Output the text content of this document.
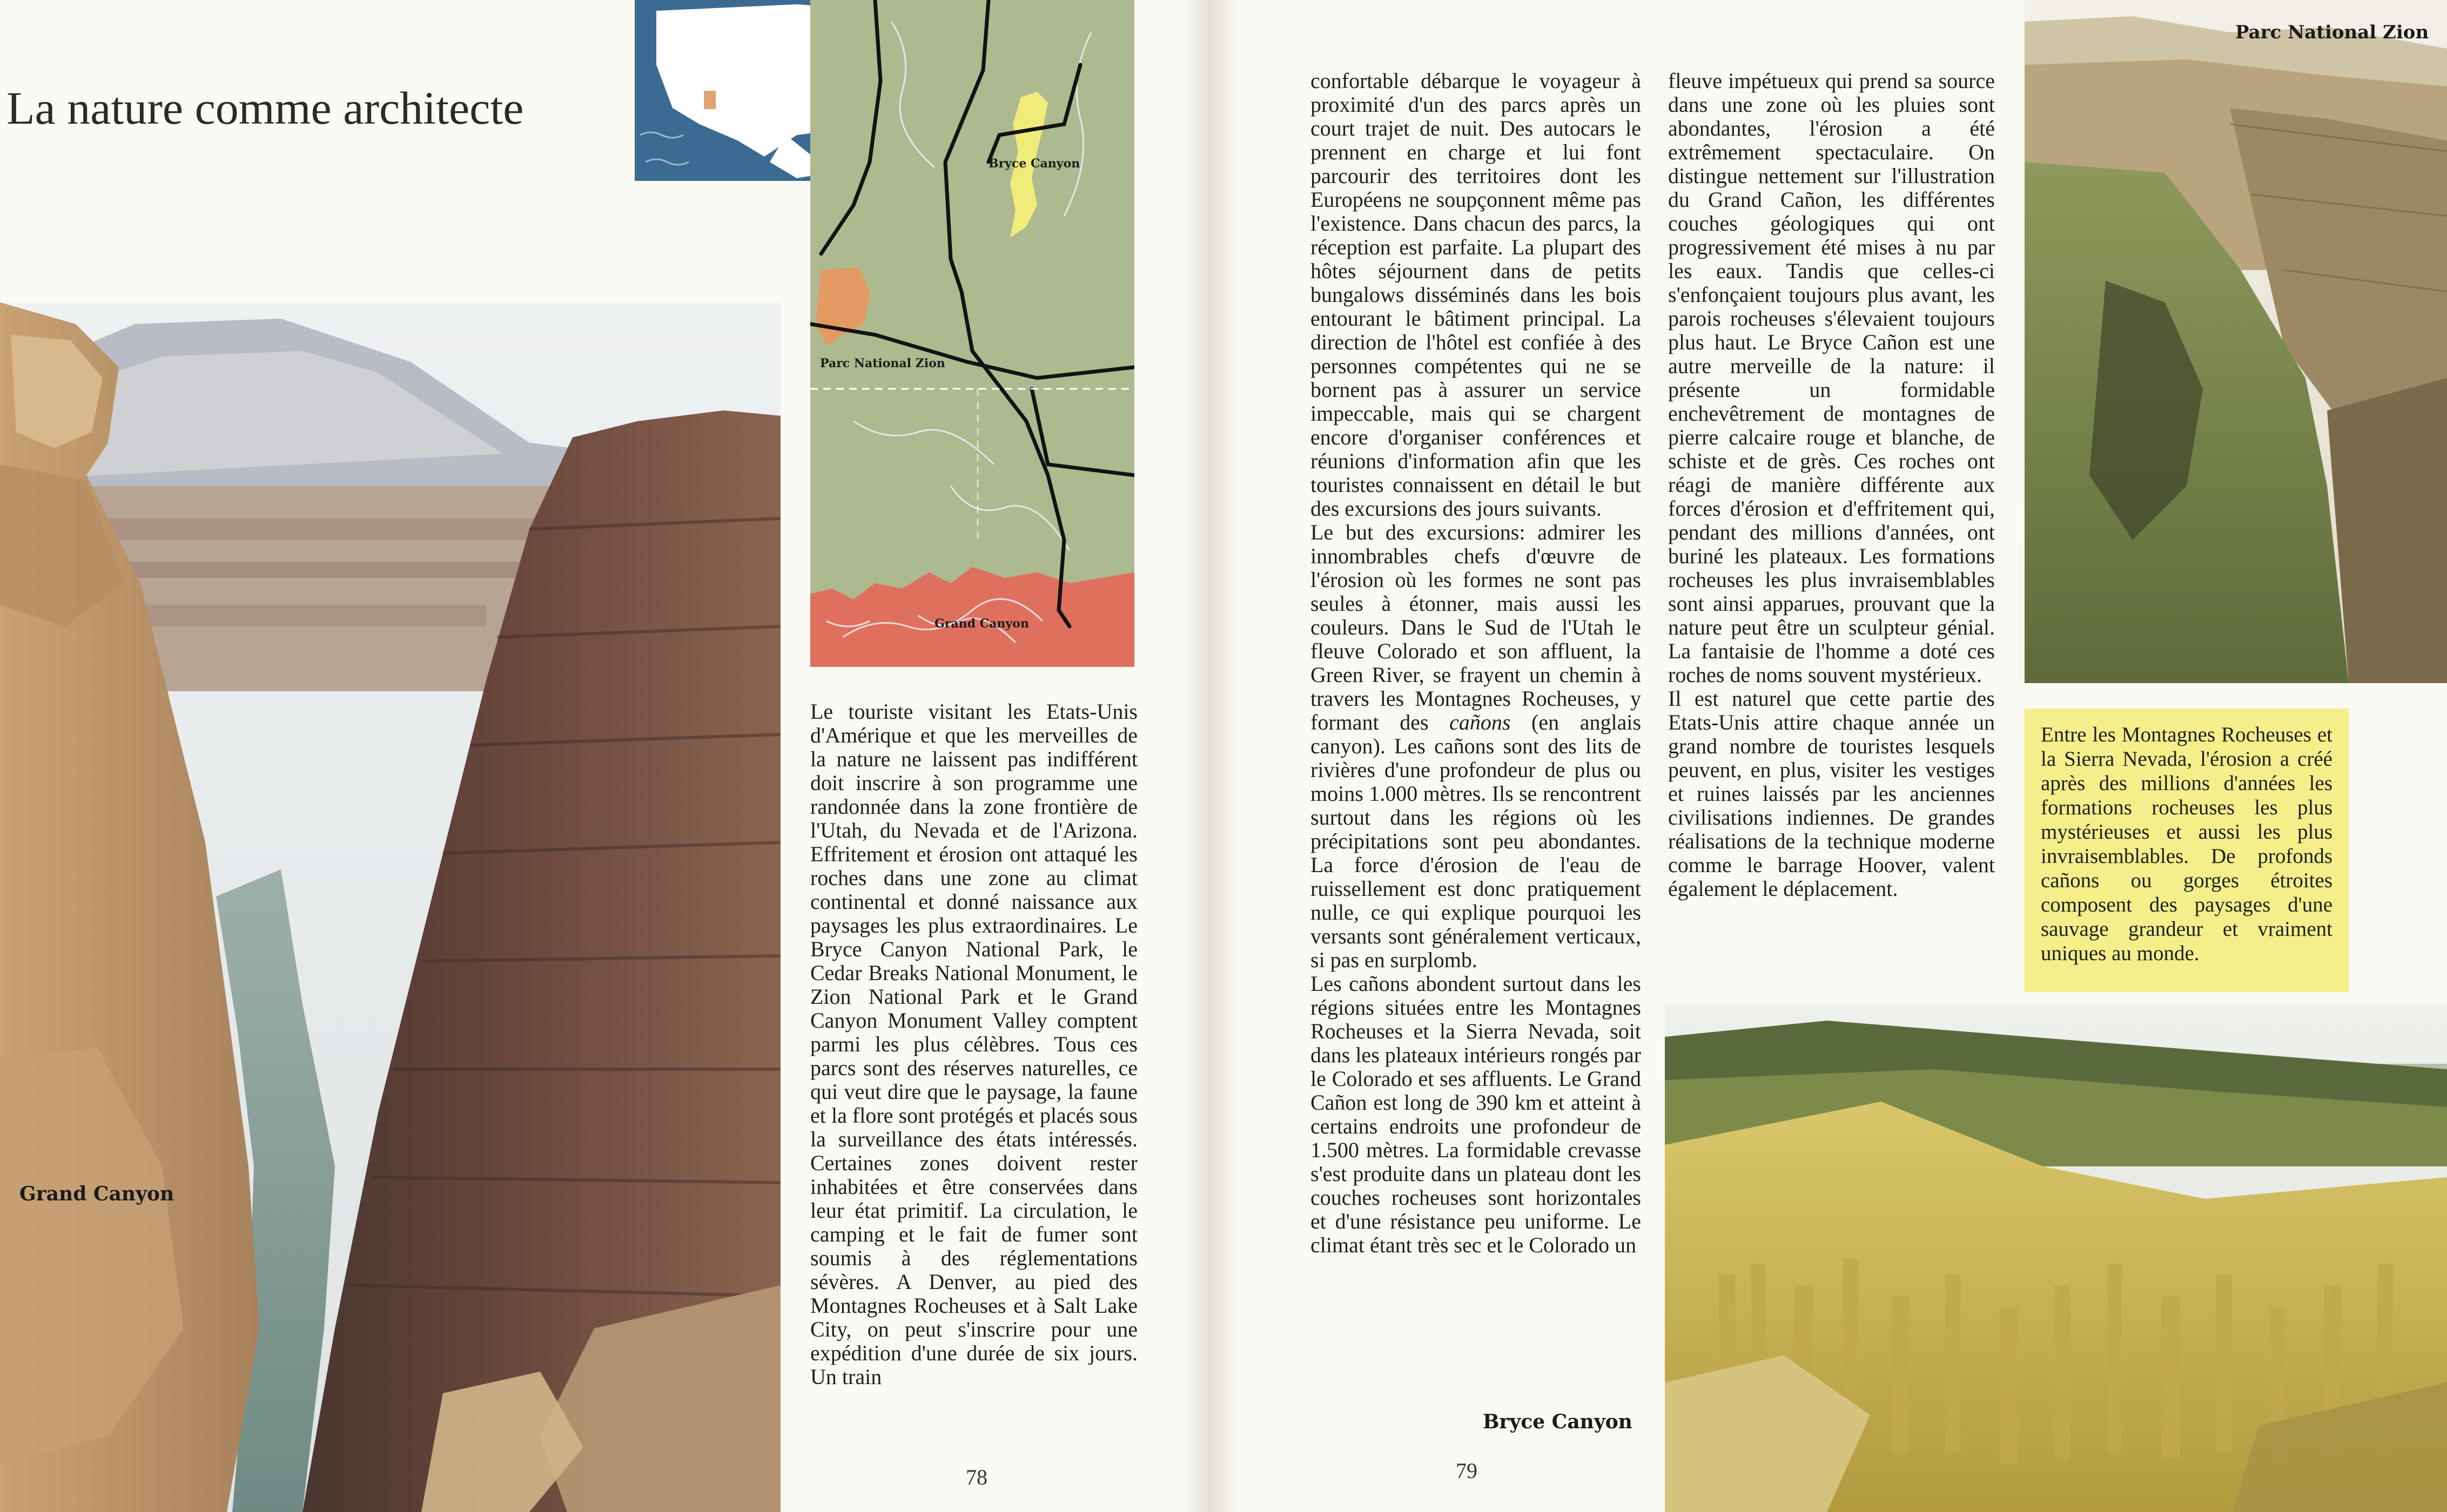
La nature comme architecte
Grand Canyon
Bryce Canyon
Parc National Zion
Grand Canyon
Le touriste visitant les Etats-Unis d'Amérique et que les merveilles de la nature ne laissent pas indifférent doit inscrire à son programme une randonnée dans la zone frontière de l'Utah, du Nevada et de l'Arizona. Effritement et érosion ont attaqué les roches dans une zone au climat continental et donné naissance aux paysages les plus extraordinaires. Le Bryce Canyon National Park, le Cedar Breaks National Monument, le Zion National Park et le Grand Canyon Monument Valley comptent parmi les plus célèbres. Tous ces parcs sont des réserves naturelles, ce qui veut dire que le paysage, la faune et la flore sont protégés et placés sous la surveillance des états intéressés. Certaines zones doivent rester inhabitées et être conservées dans leur état primitif. La circulation, le camping et le fait de fumer sont soumis à des réglementations sévères. A Denver, au pied des Montagnes Rocheuses et à Salt Lake City, on peut s'inscrire pour une expédition d'une durée de six jours. Un train
78

confortable débarque le voyageur à proximité d'un des parcs après un court trajet de nuit. Des autocars le prennent en charge et lui font parcourir des territoires dont les Européens ne soupçonnent même pas l'existence. Dans chacun des parcs, la réception est parfaite. La plupart des hôtes séjournent dans de petits bungalows disséminés dans les bois entourant le bâtiment principal. La direction de l'hôtel est confiée à des personnes compétentes qui ne se bornent pas à assurer un service impeccable, mais qui se chargent encore d'organiser conférences et réunions d'information afin que les touristes connaissent en détail le but des excursions des jours suivants.

Le but des excursions: admirer les innombrables chefs d'œuvre de l'érosion où les formes ne sont pas seules à étonner, mais aussi les couleurs. Dans le Sud de l'Utah le fleuve Colorado et son affluent, la Green River, se frayent un chemin à travers les Montagnes Rocheuses, y formant des cañons (en anglais canyon). Les cañons sont des lits de rivières d'une profondeur de plus ou moins 1.000 mètres. Ils se rencontrent surtout dans les régions où les précipitations sont peu abondantes. La force d'érosion de l'eau de ruissellement est donc pratiquement nulle, ce qui explique pourquoi les versants sont généralement verticaux, si pas en surplomb.

Les cañons abondent surtout dans les régions situées entre les Montagnes Rocheuses et la Sierra Nevada, soit dans les plateaux intérieurs rongés par le Colorado et ses affluents. Le Grand Cañon est long de 390 km et atteint à certains endroits une profondeur de 1.500 mètres. La formidable crevasse s'est produite dans un plateau dont les couches rocheuses sont horizontales et d'une résistance peu uniforme. Le climat étant très sec et le Colorado un

fleuve impétueux qui prend sa source dans une zone où les pluies sont abondantes, l'érosion a été extrêmement spectaculaire. On distingue nettement sur l'illustration du Grand Cañon, les différentes couches géologiques qui ont progressivement été mises à nu par les eaux. Tandis que celles-ci s'enfonçaient toujours plus avant, les parois rocheuses s'élevaient toujours plus haut. Le Bryce Cañon est une autre merveille de la nature: il présente un formidable enchevêtrement de montagnes de pierre calcaire rouge et blanche, de schiste et de grès. Ces roches ont réagi de manière différente aux forces d'érosion et d'effritement qui, pendant des millions d'années, ont buriné les plateaux. Les formations rocheuses les plus invraisemblables sont ainsi apparues, prouvant que la nature peut être un sculpteur génial. La fantaisie de l'homme a doté ces roches de noms souvent mystérieux.

Il est naturel que cette partie des Etats-Unis attire chaque année un grand nombre de touristes lesquels peuvent, en plus, visiter les vestiges et ruines laissés par les anciennes civilisations indiennes. De grandes réalisations de la technique moderne comme le barrage Hoover, valent également le déplacement.

Parc National Zion
Entre les Montagnes Rocheuses et la Sierra Nevada, l'érosion a créé après des millions d'années les formations rocheuses les plus mystérieuses et aussi les plus invraisemblables. De profonds cañons ou gorges étroites composent des paysages d'une sauvage grandeur et vraiment uniques au monde.
Bryce Canyon
79
